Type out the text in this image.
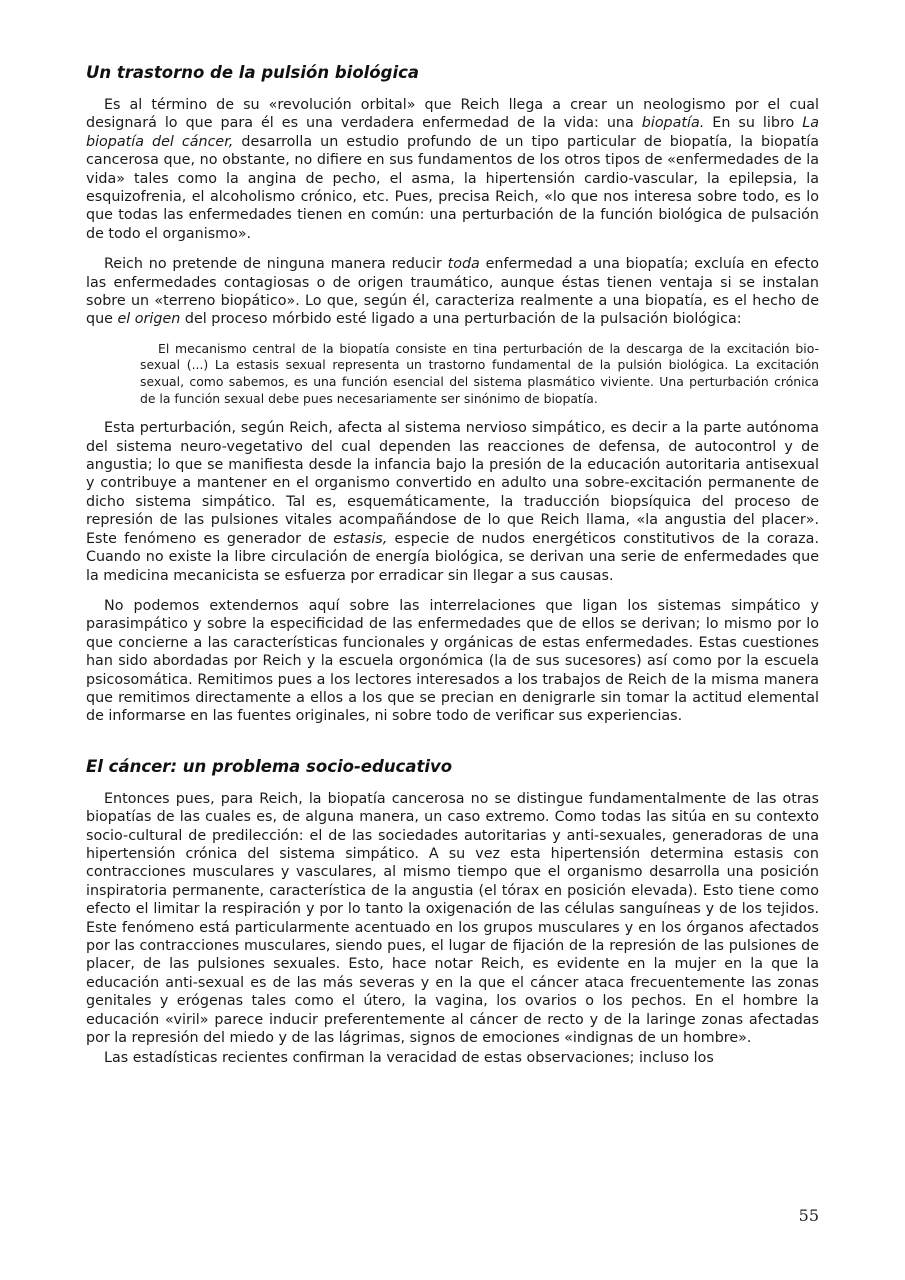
Un trastorno de la pulsión biológica

Es al término de su «revolución orbital» que Reich llega a crear un neologismo por el cual designará lo que para él es una verdadera enfermedad de la vida: una biopatía. En su libro La biopatía del cáncer, desarrolla un estudio profundo de un tipo particular de biopatía, la biopatía cancerosa que, no obstante, no difiere en sus fundamentos de los otros tipos de «enfermedades de la vida» tales como la angina de pecho, el asma, la hipertensión cardio-vascular, la epilepsia, la esquizofrenia, el alcoholismo crónico, etc. Pues, precisa Reich, «lo que nos interesa sobre todo, es lo que todas las enfermedades tienen en común: una perturbación de la función biológica de pulsación de todo el organismo».

Reich no pretende de ninguna manera reducir toda enfermedad a una biopatía; excluía en efecto las enfermedades contagiosas o de origen traumático, aunque éstas tienen ventaja si se instalan sobre un «terreno biopático». Lo que, según él, caracteriza realmente a una biopatía, es el hecho de que el origen del proceso mórbido esté ligado a una perturbación de la pulsación biológica:

El mecanismo central de la biopatía consiste en tina perturbación de la descarga de la excitación bio-sexual (...) La estasis sexual representa un trastorno fundamental de la pulsión biológica. La excitación sexual, como sabemos, es una función esencial del sistema plasmático viviente. Una perturbación crónica de la función sexual debe pues necesariamente ser sinónimo de biopatía.

Esta perturbación, según Reich, afecta al sistema nervioso simpático, es decir a la parte autónoma del sistema neuro-vegetativo del cual dependen las reacciones de defensa, de autocontrol y de angustia; lo que se manifiesta desde la infancia bajo la presión de la educación autoritaria antisexual y contribuye a mantener en el organismo convertido en adulto una sobre-excitación permanente de dicho sistema simpático. Tal es, esquemáticamente, la traducción biopsíquica del proceso de represión de las pulsiones vitales acompañándose de lo que Reich llama, «la angustia del placer». Este fenómeno es generador de estasis, especie de nudos energéticos constitutivos de la coraza. Cuando no existe la libre circulación de energía biológica, se derivan una serie de enfermedades que la medicina mecanicista se esfuerza por erradicar sin llegar a sus causas.

No podemos extendernos aquí sobre las interrelaciones que ligan los sistemas simpático y parasimpático y sobre la especificidad de las enfermedades que de ellos se derivan; lo mismo por lo que concierne a las características funcionales y orgánicas de estas enfermedades. Estas cuestiones han sido abordadas por Reich y la escuela orgonómica (la de sus sucesores) así como por la escuela psicosomática. Remitimos pues a los lectores interesados a los trabajos de Reich de la misma manera que remitimos directamente a ellos a los que se precian en denigrarle sin tomar la actitud elemental de informarse en las fuentes originales, ni sobre todo de verificar sus experiencias.

El cáncer: un problema socio-educativo

Entonces pues, para Reich, la biopatía cancerosa no se distingue fundamentalmente de las otras biopatías de las cuales es, de alguna manera, un caso extremo. Como todas las sitúa en su contexto socio-cultural de predilección: el de las sociedades autoritarias y anti-sexuales, generadoras de una hipertensión crónica del sistema simpático. A su vez esta hipertensión determina estasis con contracciones musculares y vasculares, al mismo tiempo que el organismo desarrolla una posición inspiratoria permanente, característica de la angustia (el tórax en posición elevada). Esto tiene como efecto el limitar la respiración y por lo tanto la oxigenación de las células sanguíneas y de los tejidos. Este fenómeno está particularmente acentuado en los grupos musculares y en los órganos afectados por las contracciones musculares, siendo pues, el lugar de fijación de la represión de las pulsiones de placer, de las pulsiones sexuales. Esto, hace notar Reich, es evidente en la mujer en la que la educación anti-sexual es de las más severas y en la que el cáncer ataca frecuentemente las zonas genitales y erógenas tales como el útero, la vagina, los ovarios o los pechos. En el hombre la educación «viril» parece inducir preferentemente al cáncer de recto y de la laringe zonas afectadas por la represión del miedo y de las lágrimas, signos de emociones «indignas de un hombre».

Las estadísticas recientes confirman la veracidad de estas observaciones; incluso los

55
